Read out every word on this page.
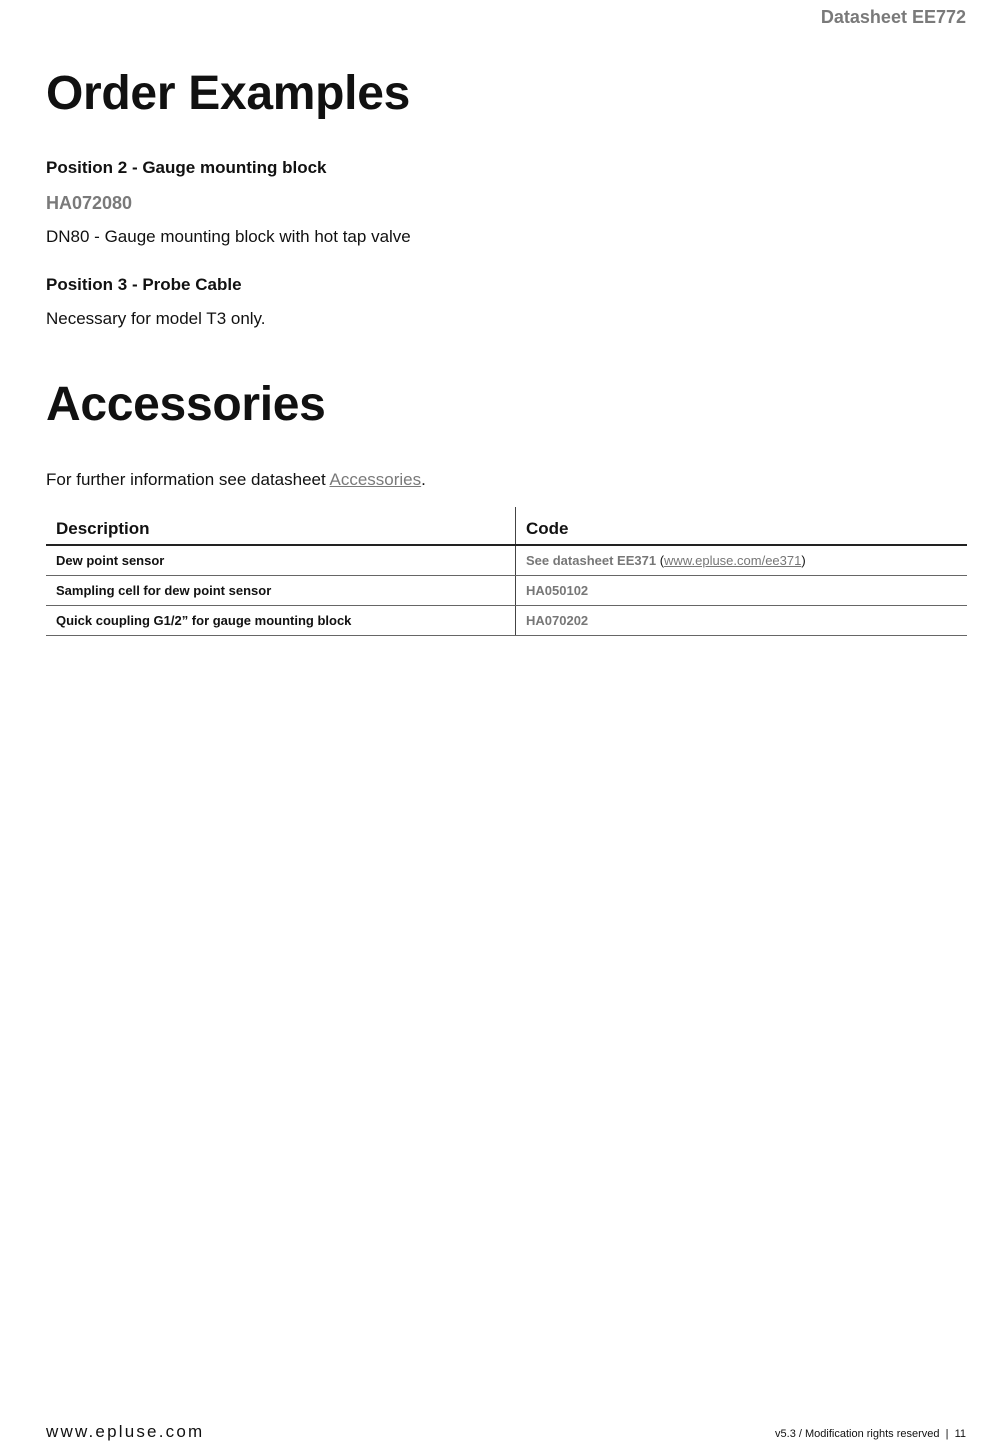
Datasheet EE772
Order Examples
Position 2 - Gauge mounting block
HA072080
DN80 - Gauge mounting block with hot tap valve
Position 3 - Probe Cable
Necessary for model T3 only.
Accessories
For further information see datasheet Accessories.
Description	Code
Dew point sensor	See datasheet EE371 (www.epluse.com/ee371)
Sampling cell for dew point sensor	HA050102
Quick coupling G1/2” for gauge mounting block	HA070202
www.epluse.com	v5.3 / Modification rights reserved  |  11
